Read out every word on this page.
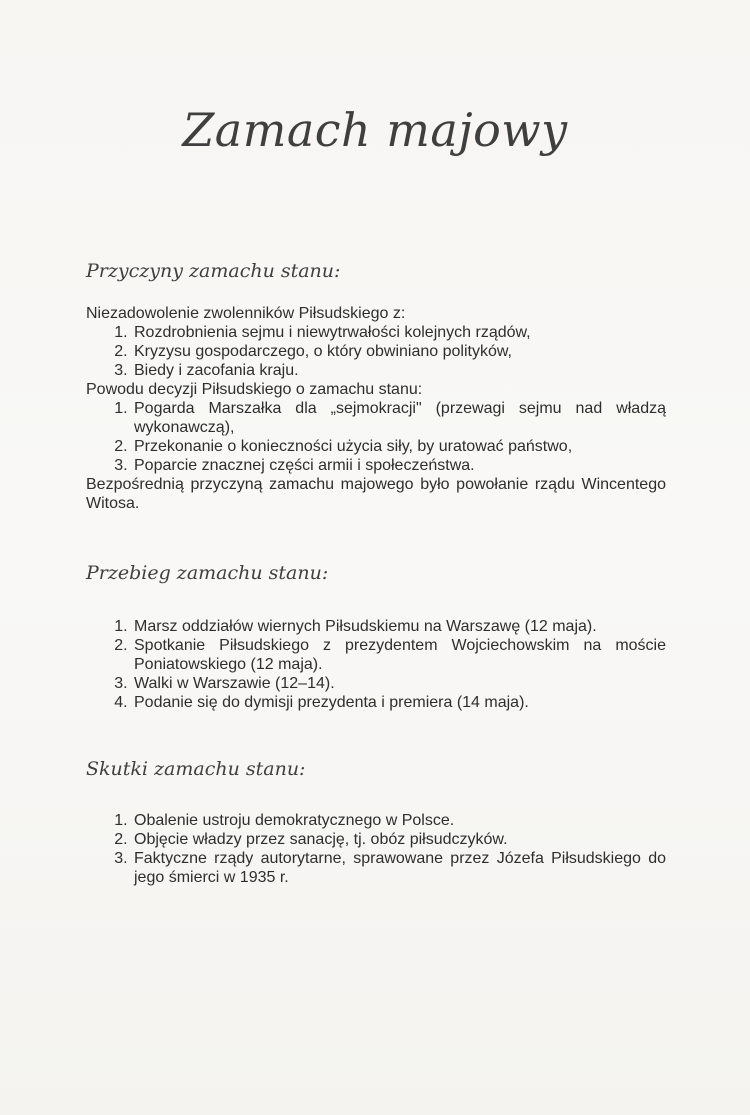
Zamach majowy
Przyczyny zamachu stanu:

Niezadowolenie zwolenników Piłsudskiego z:

1. Rozdrobnienia sejmu i niewytrwałości kolejnych rządów,
2. Kryzysu gospodarczego, o który obwiniano polityków,
3. Biedy i zacofania kraju.

Powodu decyzji Piłsudskiego o zamachu stanu:

1. Pogarda Marszałka dla „sejmokracji" (przewagi sejmu nad władzą wykonawczą),
2. Przekonanie o konieczności użycia siły, by uratować państwo,
3. Poparcie znacznej części armii i społeczeństwa.

Bezpośrednią przyczyną zamachu majowego było powołanie rządu Wincentego Witosa.

Przebieg zamachu stanu:
1. Marsz oddziałów wiernych Piłsudskiemu na Warszawę (12 maja).
2. Spotkanie Piłsudskiego z prezydentem Wojciechowskim na moście Poniatowskiego (12 maja).
3. Walki w Warszawie (12–14).
4. Podanie się do dymisji prezydenta i premiera (14 maja).
Skutki zamachu stanu:
1. Obalenie ustroju demokratycznego w Polsce.
2. Objęcie władzy przez sanację, tj. obóz piłsudczyków.
3. Faktyczne rządy autorytarne, sprawowane przez Józefa Piłsudskiego do jego śmierci w 1935 r.
